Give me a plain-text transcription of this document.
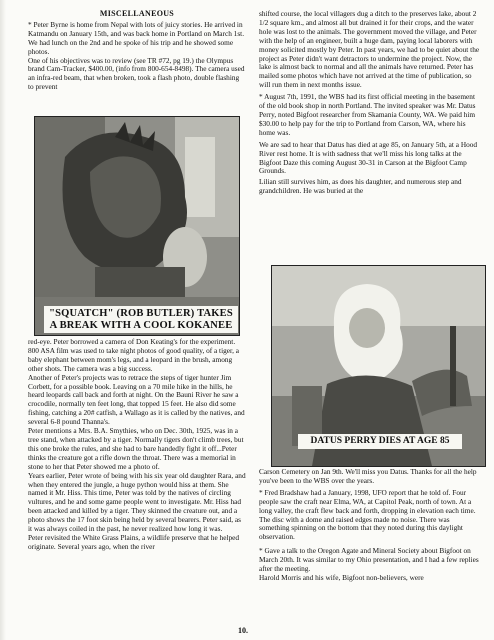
MISCELLANEOUS

* Peter Byrne is home from Nepal with lots of juicy stories. He arrived in Katmandu on January 15th, and was back home in Portland on March 1st. We had lunch on the 2nd and he spoke of his trip and he showed some photos.

One of his objectives was to review (see TR #72, pg 19.) the Olympus brand Cam-Tracker, $400.00, (info from 800-654-8498). The camera used an infra-red beam, that when broken, took a flash photo, double flashing to prevent

"SQUATCH" (ROB BUTLER) TAKES A BREAK WITH A COOL KOKANEE

red-eye. Peter borrowed a camera of Don Keating's for the experiment. 800 ASA film was used to take night photos of good quality, of a tiger, a baby elephant between mom's legs, and a leopard in the brush, among other shots. The camera was a big success.

Another of Peter's projects was to retrace the steps of tiger hunter Jim Corbett, for a possible book. Leaving on a 70 mile hike in the hills, he heard leopards call back and forth at night. On the Bauni River he saw a crocodile, normally ten feet long, that topped 15 feet. He also did some fishing, catching a 20# catfish, a Wallago as it is called by the natives, and several 6-8 pound Thanna's.

Peter mentions a Mrs. B.A. Smythies, who on Dec. 30th, 1925, was in a tree stand, when attacked by a tiger. Normally tigers don't climb trees, but this one broke the rules, and she had to bare handedly fight it off...Peter thinks the creature got a rifle down the throat. There was a memorial in stone to her that Peter showed me a photo of.

Years earlier, Peter wrote of being with his six year old daughter Rara, and when they entered the jungle, a huge python would hiss at them. She named it Mr. Hiss. This time, Peter was told by the natives of circling vultures, and he and some game people went to investigate. Mr. Hiss had been attacked and killed by a tiger. They skinned the creature out, and a photo shows the 17 foot skin being held by several bearers. Peter said, as it was always coiled in the past, he never realized how long it was.

Peter revisited the White Grass Plains, a wildlife preserve that he helped originate. Several years ago, when the river

shifted course, the local villagers dug a ditch to the preserves lake, about 2 1/2 square km., and almost all but drained it for their crops, and the water hole was lost to the animals. The government moved the village, and Peter with the help of an engineer, built a huge dam, paying local laborers with money solicited mostly by Peter. In past years, we had to be quiet about the project as Peter didn't want detractors to undermine the project. Now, the lake is almost back to normal and all the animals have returned. Peter has mailed some photos which have not arrived at the time of publication, so will run them in next months issue.

* August 7th, 1991, the WBS had its first official meeting in the basement of the old book shop in north Portland. The invited speaker was Mr. Datus Perry, noted Bigfoot researcher from Skamania County, WA. We paid him $30.00 to help pay for the trip to Portland from Carson, WA, where his home was.

We are sad to hear that Datus has died at age 85, on January 5th, at a Hood River rest home. It is with sadness that we'll miss his long talks at the Bigfoot Daze this coming August 30-31 in Carson at the Bigfoot Camp Grounds.

Lilian still survives him, as does his daughter, and numerous step and grandchildren. He was buried at the

DATUS PERRY DIES AT AGE 85

Carson Cemetery on Jan 9th. We'll miss you Datus. Thanks for all the help you've been to the WBS over the years.

* Fred Bradshaw had a January, 1998, UFO report that he told of. Four people saw the craft near Elma, WA, at Capitol Peak, north of town. At a long valley, the craft flew back and forth, dropping in elevation each time. The disc with a dome and raised edges made no noise. There was something spinning on the bottom that they noted during this daylight observation.

* Gave a talk to the Oregon Agate and Mineral Society about Bigfoot on March 20th. It was similar to my Ohio presentation, and I had a few replies after the meeting.

Harold Morris and his wife, Bigfoot non-believers, were

10.
